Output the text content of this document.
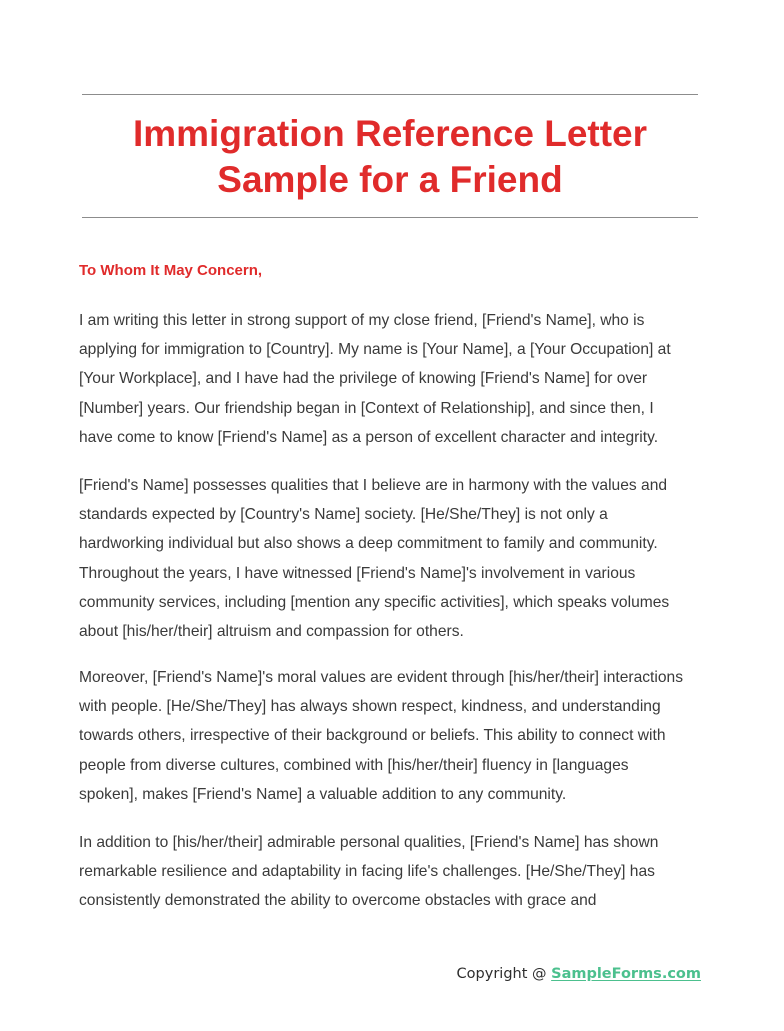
Immigration Reference Letter
Sample for a Friend

To Whom It May Concern,

I am writing this letter in strong support of my close friend, [Friend's Name], who is
applying for immigration to [Country]. My name is [Your Name], a [Your Occupation] at
[Your Workplace], and I have had the privilege of knowing [Friend's Name] for over
[Number] years. Our friendship began in [Context of Relationship], and since then, I
have come to know [Friend's Name] as a person of excellent character and integrity.

[Friend's Name] possesses qualities that I believe are in harmony with the values and
standards expected by [Country's Name] society. [He/She/They] is not only a
hardworking individual but also shows a deep commitment to family and community.
Throughout the years, I have witnessed [Friend's Name]'s involvement in various
community services, including [mention any specific activities], which speaks volumes
about [his/her/their] altruism and compassion for others.

Moreover, [Friend's Name]'s moral values are evident through [his/her/their] interactions
with people. [He/She/They] has always shown respect, kindness, and understanding
towards others, irrespective of their background or beliefs. This ability to connect with
people from diverse cultures, combined with [his/her/their] fluency in [languages
spoken], makes [Friend's Name] a valuable addition to any community.

In addition to [his/her/their] admirable personal qualities, [Friend's Name] has shown
remarkable resilience and adaptability in facing life's challenges. [He/She/They] has
consistently demonstrated the ability to overcome obstacles with grace and

Copyright @ SampleForms.com
